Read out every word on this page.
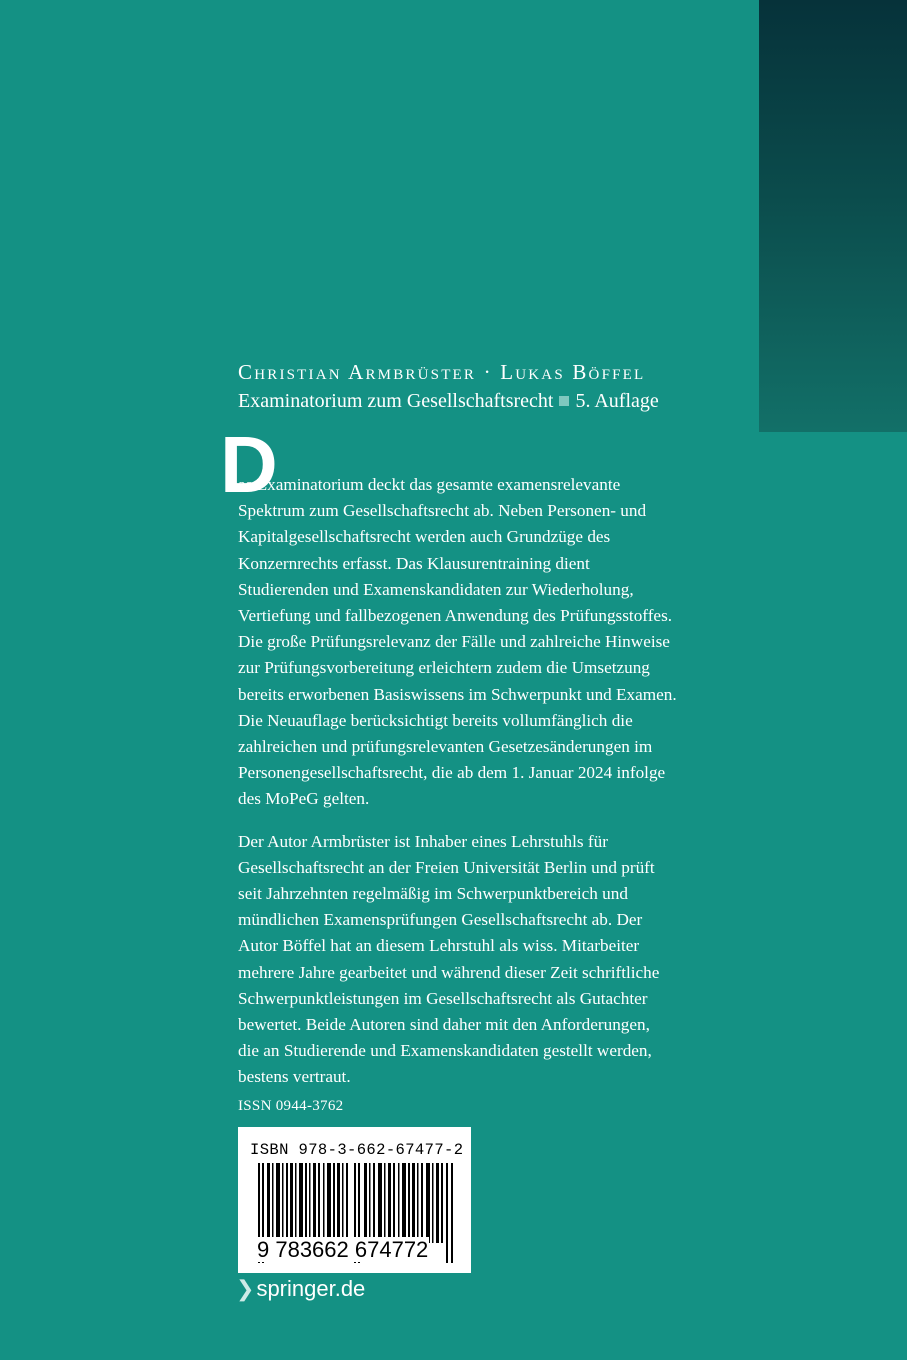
Christian Armbrüster · Lukas Böffel
Examinatorium zum Gesellschaftsrecht 5. Auflage
D

as Examinatorium deckt das gesamte examensrelevante
Spektrum zum Gesellschaftsrecht ab. Neben Personen- und
Kapitalgesellschaftsrecht werden auch Grundzüge des
Konzernrechts erfasst. Das Klausurentraining dient
Studierenden und Examenskandidaten zur Wiederholung,
Vertiefung und fallbezogenen Anwendung des Prüfungsstoffes.
Die große Prüfungsrelevanz der Fälle und zahlreiche Hinweise
zur Prüfungsvorbereitung erleichtern zudem die Umsetzung
bereits erworbenen Basiswissens im Schwerpunkt und Examen.
Die Neuauflage berücksichtigt bereits vollumfänglich die
zahlreichen und prüfungsrelevanten Gesetzesänderungen im
Personengesellschaftsrecht, die ab dem 1. Januar 2024 infolge
des MoPeG gelten.

Der Autor Armbrüster ist Inhaber eines Lehrstuhls für
Gesellschaftsrecht an der Freien Universität Berlin und prüft
seit Jahrzehnten regelmäßig im Schwerpunktbereich und
mündlichen Examensprüfungen Gesellschaftsrecht ab. Der
Autor Böffel hat an diesem Lehrstuhl als wiss. Mitarbeiter
mehrere Jahre gearbeitet und während dieser Zeit schriftliche
Schwerpunktleistungen im Gesellschaftsrecht als Gutachter
bewertet. Beide Autoren sind daher mit den Anforderungen,
die an Studierende und Examenskandidaten gestellt werden,
bestens vertraut.

ISSN 0944-3762
ISBN 978-3-662-67477-2
9 783662 674772
❯springer.de
